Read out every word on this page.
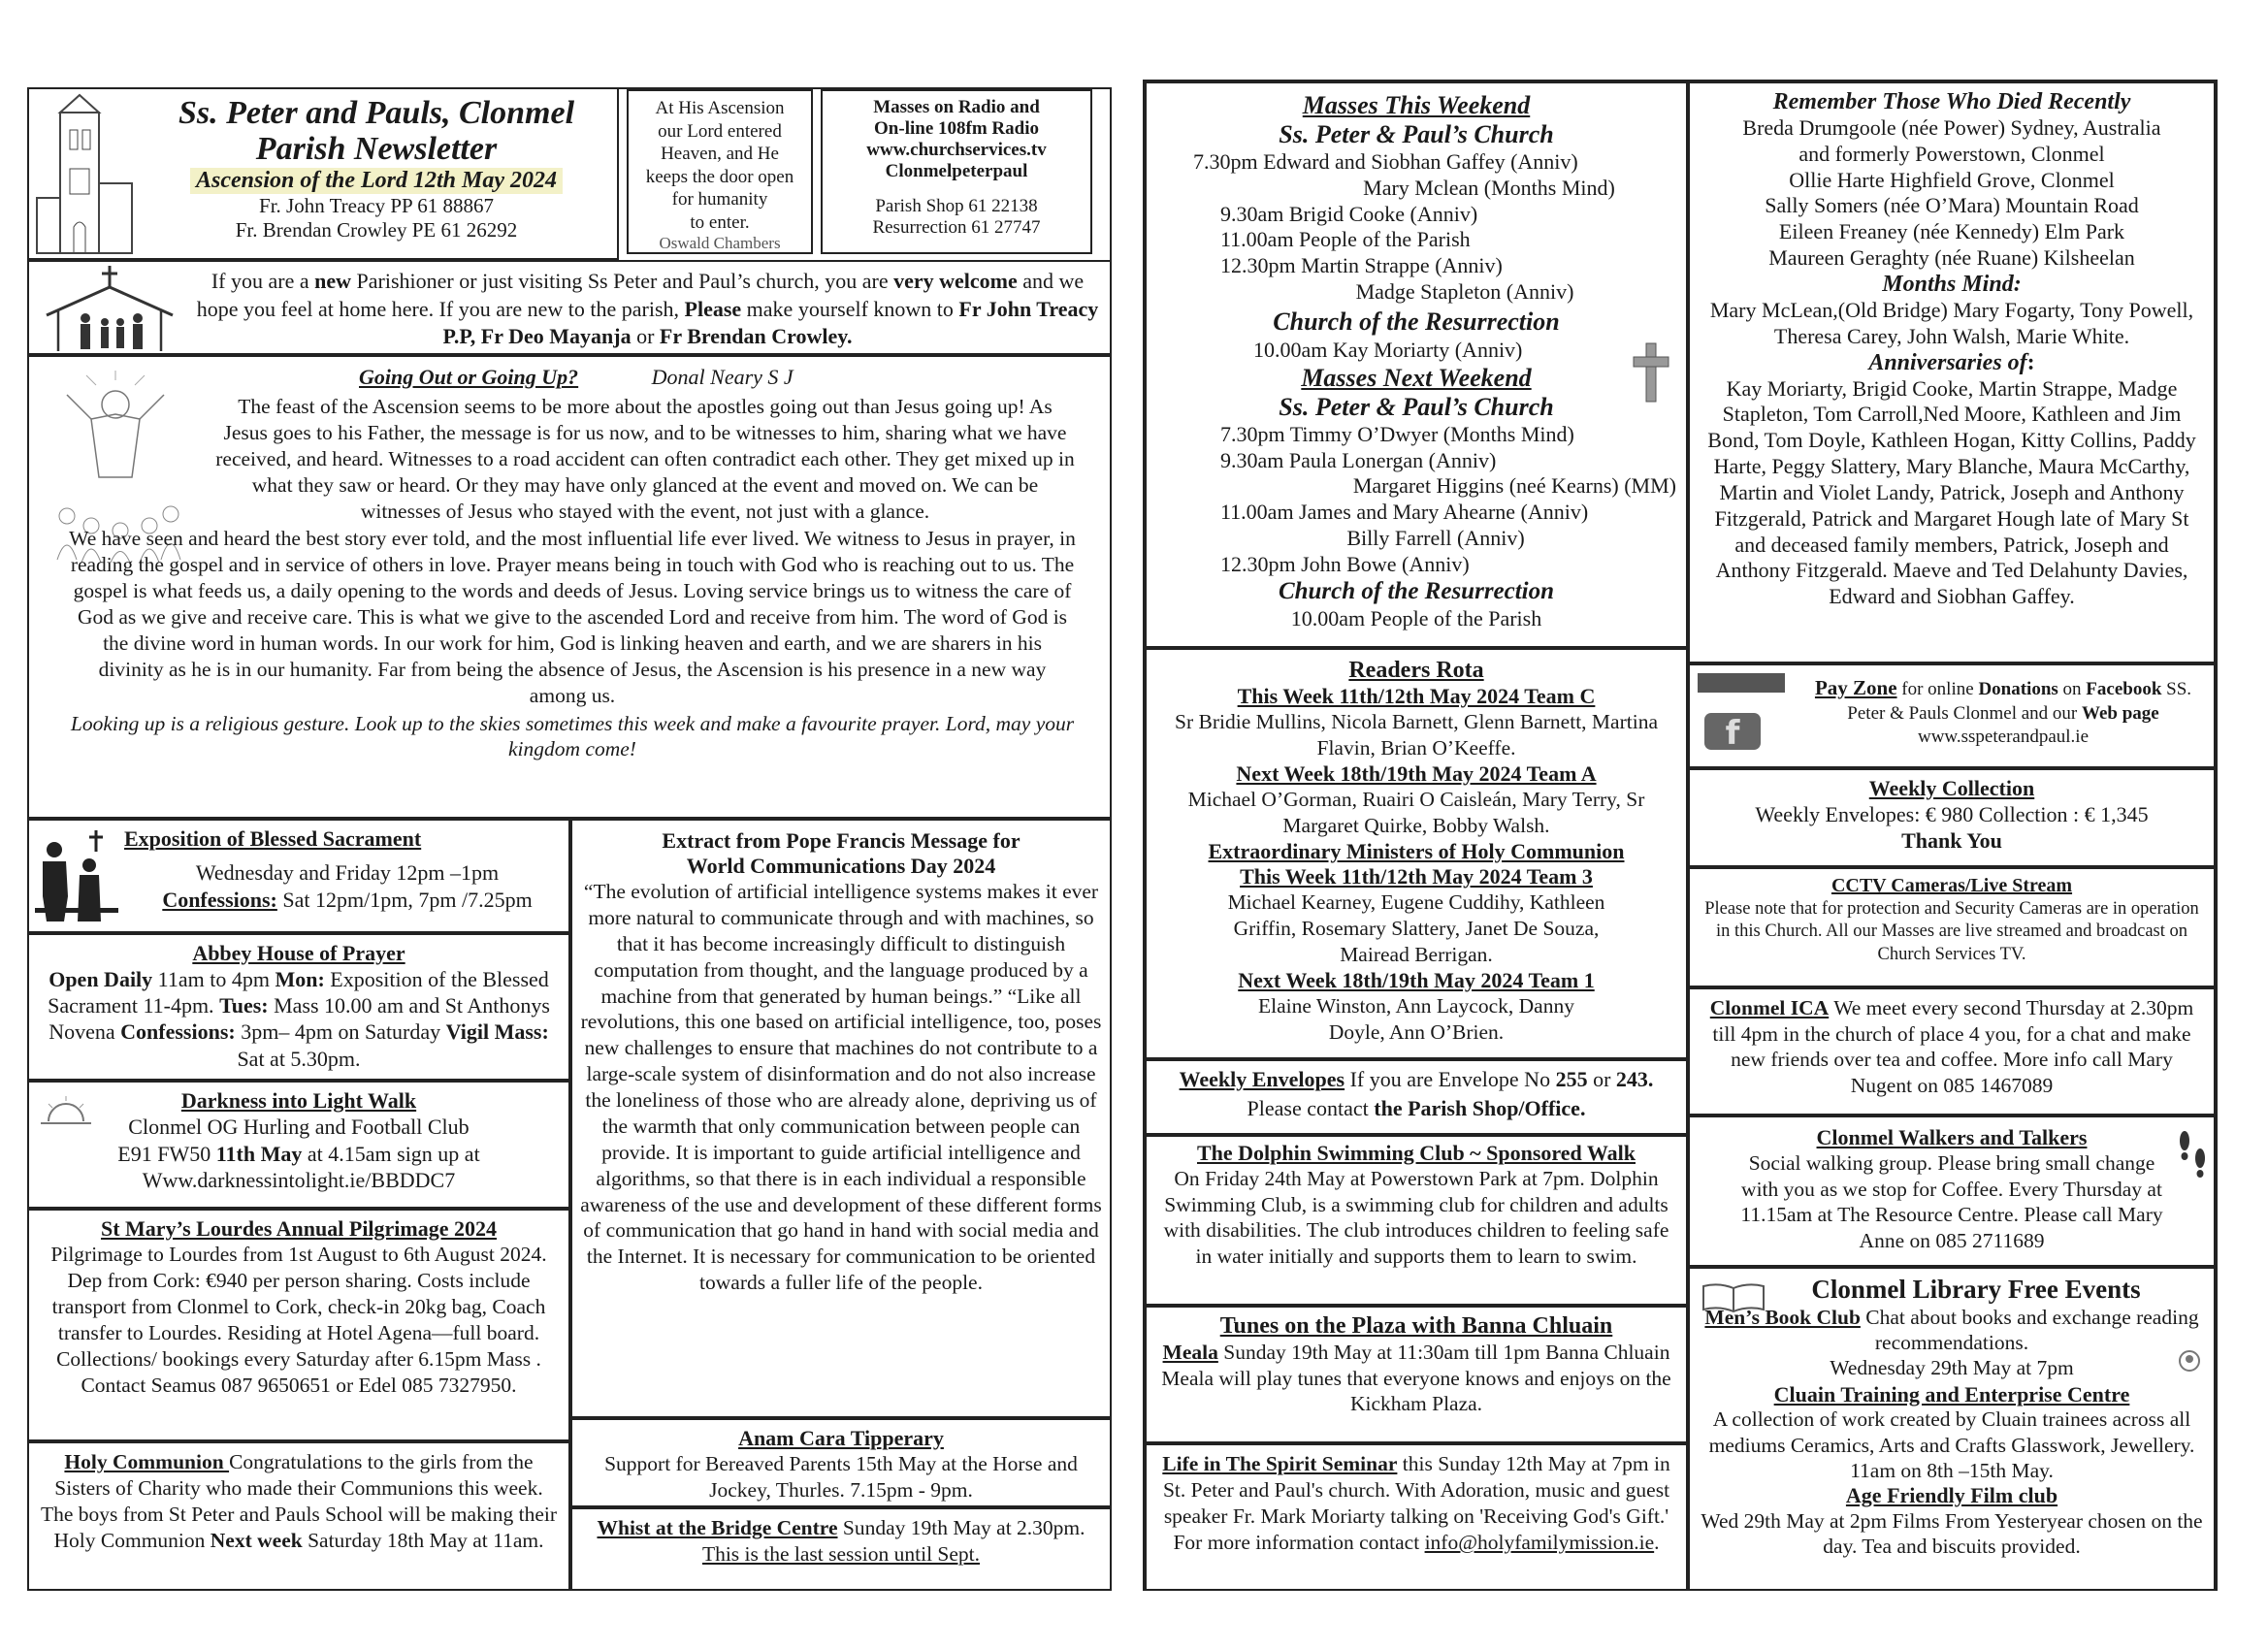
Ss. Peter and Pauls, Clonmel
Parish Newsletter
Ascension of the Lord 12th May 2024
Fr. John Treacy PP 61 88867
Fr. Brendan Crowley PE 61 26292
At His Ascension
our Lord entered
Heaven, and He
keeps the door open
for humanity
to enter.
Oswald Chambers
Masses on Radio and
On-line 108fm Radio
www.churchservices.tv
Clonmelpeterpaul
Parish Shop 61 22138
Resurrection 61 27747

If you are a new Parishioner or just visiting Ss Peter and Paul’s church, you are very welcome and we hope you feel at home here. If you are new to the parish, Please make yourself known to Fr John Treacy P.P, Fr Deo Mayanja or Fr Brendan Crowley.

Going Out or Going Up?	Donal Neary S J

The feast of the Ascension seems to be more about the apostles going out than Jesus going up! As Jesus goes to his Father, the message is for us now, and to be witnesses to him, sharing what we have received, and heard. Witnesses to a road accident can often contradict each other. They get mixed up in what they saw or heard. Or they may have only glanced at the event and moved on. We can be witnesses of Jesus who stayed with the event, not just with a glance.

We have seen and heard the best story ever told, and the most influential life ever lived. We witness to Jesus in prayer, in reading the gospel and in service of others in love. Prayer means being in touch with God who is reaching out to us. The gospel is what feeds us, a daily opening to the words and deeds of Jesus. Loving service brings us to witness the care of God as we give and receive care. This is what we give to the ascended Lord and receive from him. The word of God is the divine word in human words. In our work for him, God is linking heaven and earth, and we are sharers in his divinity as he is in our humanity. Far from being the absence of Jesus, the Ascension is his presence in a new way among us.

Looking up is a religious gesture. Look up to the skies sometimes this week and make a favourite prayer. Lord, may your kingdom come!

Exposition of Blessed Sacrament
Wednesday and Friday 12pm –1pm
Confessions: Sat 12pm/1pm, 7pm /7.25pm
Abbey House of Prayer

Open Daily 11am to 4pm Mon: Exposition of the Blessed Sacrament 11-4pm. Tues: Mass 10.00 am and St Anthonys Novena Confessions: 3pm– 4pm on Saturday Vigil Mass: Sat at 5.30pm.

Darkness into Light Walk
Clonmel OG Hurling and Football Club
E91 FW50 11th May at 4.15am sign up at
Www.darknessintolight.ie/BBDDC7
St Mary’s Lourdes Annual Pilgrimage 2024

Pilgrimage to Lourdes from 1st August to 6th August 2024. Dep from Cork: €940 per person sharing. Costs include transport from Clonmel to Cork, check-in 20kg bag, Coach transfer to Lourdes. Residing at Hotel Agena—full board. Collections/ bookings every Saturday after 6.15pm Mass . Contact Seamus 087 9650651 or Edel 085 7327950.

Holy Communion Congratulations to the girls from the Sisters of Charity who made their Communions this week. The boys from St Peter and Pauls School will be making their Holy Communion Next week Saturday 18th May at 11am.

Extract from Pope Francis Message for
World Communications Day 2024

“The evolution of artificial intelligence systems makes it ever more natural to communicate through and with machines, so that it has become increasingly difficult to distinguish computation from thought, and the language produced by a machine from that generated by human beings.” “Like all revolutions, this one based on artificial intelligence, too, poses new challenges to ensure that machines do not contribute to a large-scale system of disinformation and do not also increase the loneliness of those who are already alone, depriving us of the warmth that only communication between people can provide. It is important to guide artificial intelligence and algorithms, so that there is in each individual a responsible awareness of the use and development of these different forms of communication that go hand in hand with social media and the Internet. It is necessary for communication to be oriented towards a fuller life of the people.

Anam Cara Tipperary

Support for Bereaved Parents 15th May at the Horse and Jockey, Thurles. 7.15pm - 9pm.

Whist at the Bridge Centre Sunday 19th May at 2.30pm. This is the last session until Sept.

Masses This Weekend
Ss. Peter & Paul’s Church
7.30pm Edward and Siobhan Gaffey (Anniv)
Mary Mclean (Months Mind)
9.30am Brigid Cooke (Anniv)
11.00am People of the Parish
12.30pm Martin Strappe (Anniv)
Madge Stapleton (Anniv)
Church of the Resurrection
10.00am Kay Moriarty (Anniv)
Masses Next Weekend
Ss. Peter & Paul’s Church
7.30pm Timmy O’Dwyer (Months Mind)
9.30am Paula Lonergan (Anniv)
Margaret Higgins (neé Kearns) (MM)
11.00am James and Mary Ahearne (Anniv)
Billy Farrell (Anniv)
12.30pm John Bowe (Anniv)
Church of the Resurrection
10.00am People of the Parish
Readers Rota
This Week 11th/12th May 2024 Team C

Sr Bridie Mullins, Nicola Barnett, Glenn Barnett, Martina Flavin, Brian O’Keeffe.

Next Week 18th/19th May 2024 Team A

Michael O’Gorman, Ruairi O Caisleán, Mary Terry, Sr Margaret Quirke, Bobby Walsh.

Extraordinary Ministers of Holy Communion
This Week 11th/12th May 2024 Team 3

Michael Kearney, Eugene Cuddihy, Kathleen Griffin, Rosemary Slattery, Janet De Souza, Mairead Berrigan.

Next Week 18th/19th May 2024 Team 1

Elaine Winston, Ann Laycock, Danny Doyle, Ann O’Brien.

Weekly Envelopes If you are Envelope No 255 or 243. Please contact the Parish Shop/Office.

The Dolphin Swimming Club ~ Sponsored Walk

On Friday 24th May at Powerstown Park at 7pm. Dolphin Swimming Club, is a swimming club for children and adults with disabilities. The club introduces children to feeling safe in water initially and supports them to learn to swim.

Tunes on the Plaza with Banna Chluain

Meala Sunday 19th May at 11:30am till 1pm Banna Chluain Meala will play tunes that everyone knows and enjoys on the Kickham Plaza.

Life in The Spirit Seminar this Sunday 12th May at 7pm in St. Peter and Paul's church. With Adoration, music and guest speaker Fr. Mark Moriarty talking on 'Receiving God's Gift.' For more information contact info@holyfamilymission.ie.

Remember Those Who Died Recently
Breda Drumgoole (née Power) Sydney, Australia
and formerly Powerstown, Clonmel
Ollie Harte Highfield Grove, Clonmel
Sally Somers (née O’Mara) Mountain Road
Eileen Freaney (née Kennedy) Elm Park
Maureen Geraghty (née Ruane) Kilsheelan
Months Mind:

Mary McLean,(Old Bridge) Mary Fogarty, Tony Powell, Theresa Carey, John Walsh, Marie White.

Anniversaries of:

Kay Moriarty, Brigid Cooke, Martin Strappe, Madge Stapleton, Tom Carroll,Ned Moore, Kathleen and Jim Bond, Tom Doyle, Kathleen Hogan, Kitty Collins, Paddy Harte, Peggy Slattery, Mary Blanche, Maura McCarthy, Martin and Violet Landy, Patrick, Joseph and Anthony Fitzgerald, Patrick and Margaret Hough late of Mary St and deceased family members, Patrick, Joseph and Anthony Fitzgerald. Maeve and Ted Delahunty Davies, Edward and Siobhan Gaffey.

f

Pay Zone for online Donations on Facebook SS. Peter & Pauls Clonmel and our Web page www.sspeterandpaul.ie

Weekly Collection
Weekly Envelopes: € 980 Collection : € 1,345
Thank You
CCTV Cameras/Live Stream

Please note that for protection and Security Cameras are in operation in this Church. All our Masses are live streamed and broadcast on Church Services TV.

Clonmel ICA We meet every second Thursday at 2.30pm till 4pm in the church of place 4 you, for a chat and make new friends over tea and coffee. More info call Mary Nugent on 085 1467089

Clonmel Walkers and Talkers

Social walking group. Please bring small change with you as we stop for Coffee. Every Thursday at 11.15am at The Resource Centre. Please call Mary Anne on 085 2711689

Clonmel Library Free Events

Men’s Book Club Chat about books and exchange reading recommendations.

Wednesday 29th May at 7pm
Cluain Training and Enterprise Centre

A collection of work created by Cluain trainees across all mediums Ceramics, Arts and Crafts Glasswork, Jewellery. 11am on 8th –15th May.

Age Friendly Film club

Wed 29th May at 2pm Films From Yesteryear chosen on the day. Tea and biscuits provided.
